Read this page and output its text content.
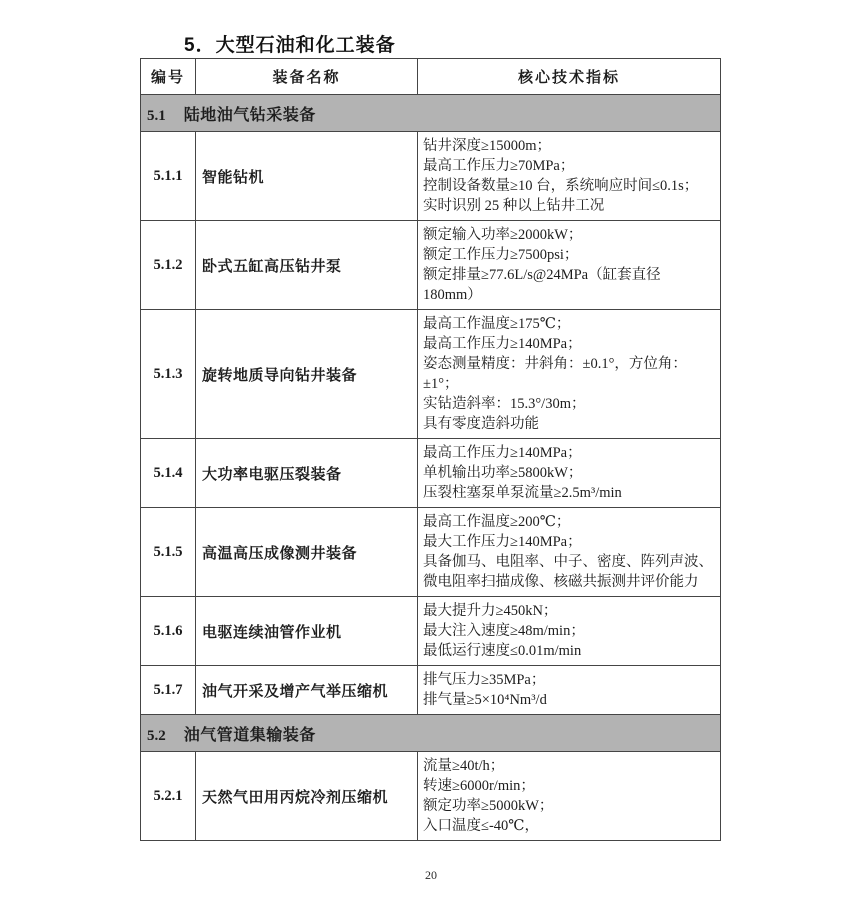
5．大型石油和化工装备
编号	装备名称	核心技术指标
5.1 陆地油气钻采装备		
5.1.1	智能钻机	钻井深度≥15000m；
最高工作压力≥70MPa；
控制设备数量≥10 台，系统响应时间≤0.1s；
实时识别 25 种以上钻井工况

5.1.2	卧式五缸高压钻井泵	额定输入功率≥2000kW；
额定工作压力≥7500psi；
额定排量≥77.6L/s@24MPa（缸套直径 180mm）

5.1.3	旋转地质导向钻井装备	最高工作温度≥175℃；
最高工作压力≥140MPa；
姿态测量精度：井斜角：±0.1°，方位角：±1°；
实钻造斜率：15.3°/30m；
具有零度造斜功能

5.1.4	大功率电驱压裂装备	最高工作压力≥140MPa；
单机输出功率≥5800kW；
压裂柱塞泵单泵流量≥2.5m³/min

5.1.5	高温高压成像测井装备	最高工作温度≥200℃；
最大工作压力≥140MPa；
具备伽马、电阻率、中子、密度、阵列声波、微电阻率扫描成像、核磁共振测井评价能力

5.1.6	电驱连续油管作业机	最大提升力≥450kN；
最大注入速度≥48m/min；
最低运行速度≤0.01m/min

5.1.7	油气开采及增产气举压缩机	排气压力≥35MPa；
排气量≥5×10⁴Nm³/d

5.2 油气管道集输装备		
5.2.1	天然气田用丙烷冷剂压缩机	流量≥40t/h；
转速≥6000r/min；
额定功率≥5000kW；
入口温度≤-40℃，
20
